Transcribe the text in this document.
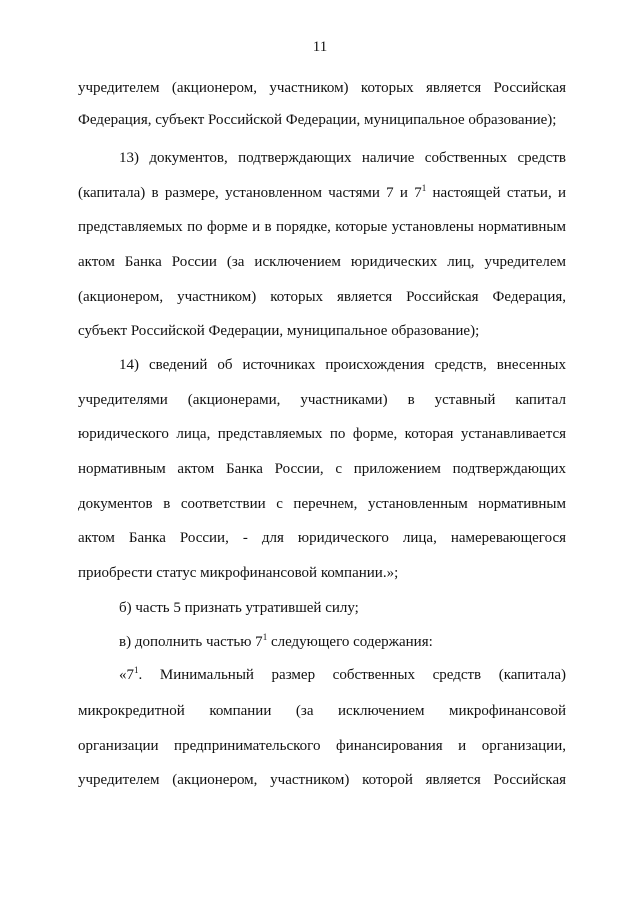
11
учредителем (акционером, участником) которых является Российская
Федерация, субъект Российской Федерации, муниципальное образование);
13) документов, подтверждающих наличие собственных средств
(капитала) в размере, установленном частями 7 и $7^1$ настоящей статьи, и
представляемых по форме и в порядке, которые установлены нормативным
актом Банка России (за исключением юридических лиц, учредителем
(акционером, участником) которых является Российская Федерация,
субъект Российской Федерации, муниципальное образование);
14) сведений об источниках происхождения средств, внесенных
учредителями (акционерами, участниками) в уставный капитал
юридического лица, представляемых по форме, которая устанавливается
нормативным актом Банка России, с приложением подтверждающих
документов в соответствии с перечнем, установленным нормативным
актом Банка России, - для юридического лица, намеревающегося
приобрести статус микрофинансовой компании.»;
б) часть 5 признать утратившей силу;
в) дополнить частью $7^1$ следующего содержания:
«$7^1$. Минимальный размер собственных средств (капитала)
микрокредитной компании (за исключением микрофинансовой
организации предпринимательского финансирования и организации,
учредителем (акционером, участником) которой является Российская
